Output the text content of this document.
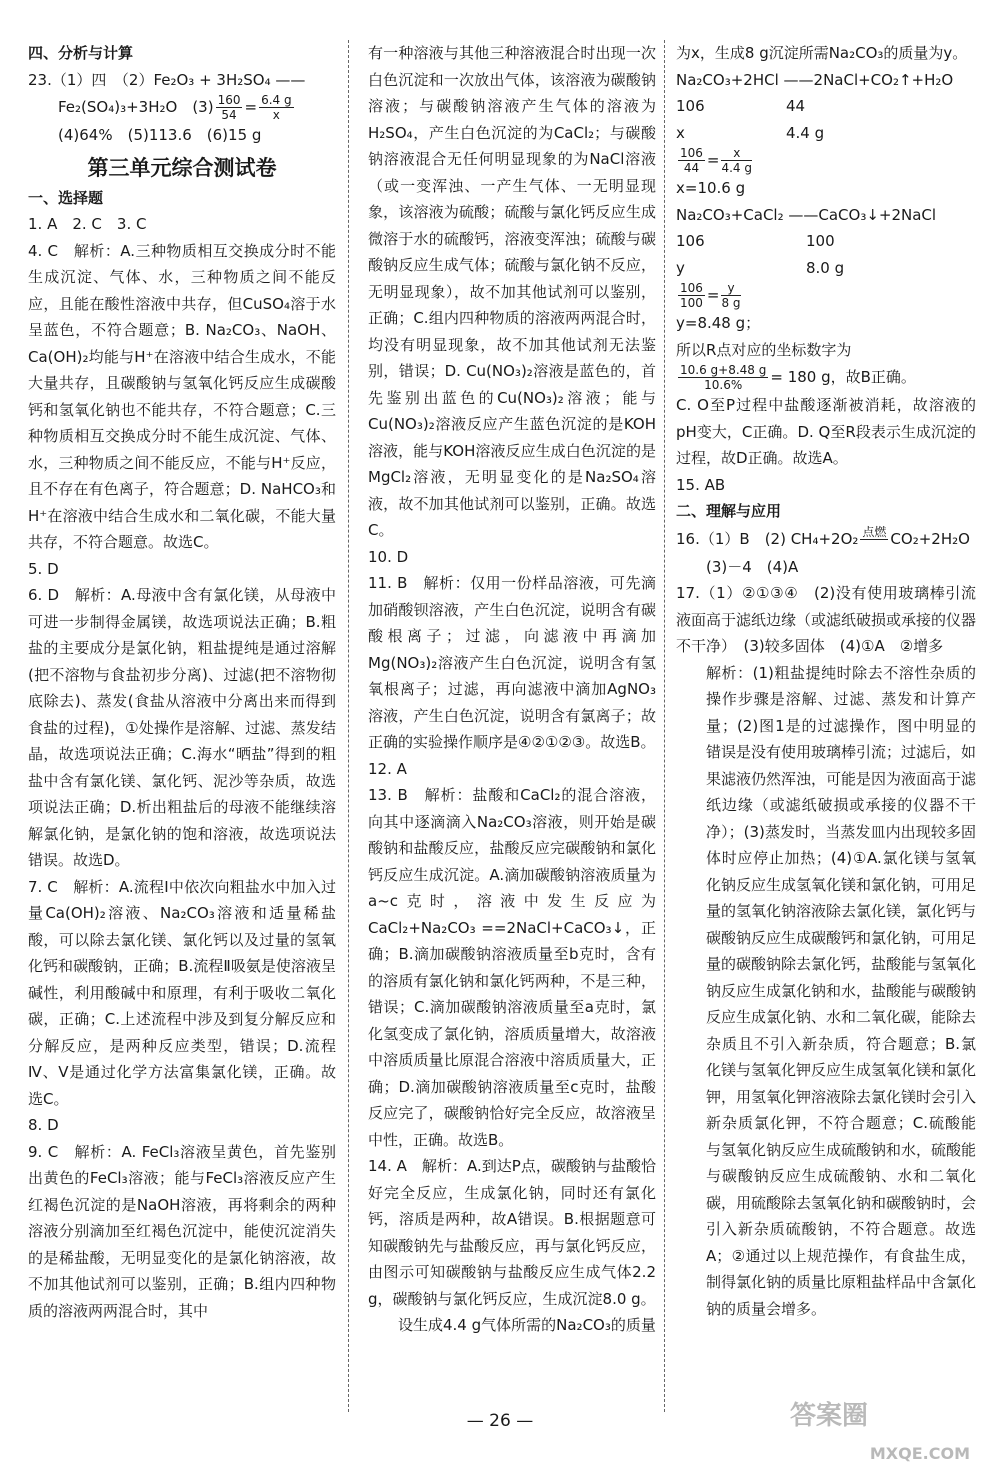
四、分析与计算

23.（1）四　（2）Fe₂O₃ + 3H₂SO₄ ——

Fe₂(SO₄)₃+3H₂O　$(3) \frac{160}{54} = \frac{6.4 g}{x}$

(4)64%　(5)113.6　(6)15 g

第三单元综合测试卷

一、选择题

1. A　2. C　3. C

4. C　解析：A.三种物质相互交换成分时不能生成沉淀、气体、水，三种物质之间不能反应，且能在酸性溶液中共存，但CuSO₄溶于水呈蓝色，不符合题意；B. Na₂CO₃、NaOH、Ca(OH)₂均能与H⁺在溶液中结合生成水，不能大量共存，且碳酸钠与氢氧化钙反应生成碳酸钙和氢氧化钠也不能共存，不符合题意；C.三种物质相互交换成分时不能生成沉淀、气体、水，三种物质之间不能反应，不能与H⁺反应，且不存在有色离子，符合题意；D. NaHCO₃和H⁺在溶液中结合生成水和二氧化碳，不能大量共存，不符合题意。故选C。

5. D

6. D　解析：A.母液中含有氯化镁，从母液中可进一步制得金属镁，故选项说法正确；B.粗盐的主要成分是氯化钠，粗盐提纯是通过溶解(把不溶物与食盐初步分离)、过滤(把不溶物彻底除去)、蒸发(食盐从溶液中分离出来而得到食盐的过程)，①处操作是溶解、过滤、蒸发结晶，故选项说法正确；C.海水“晒盐”得到的粗盐中含有氯化镁、氯化钙、泥沙等杂质，故选项说法正确；D.析出粗盐后的母液不能继续溶解氯化钠，是氯化钠的饱和溶液，故选项说法错误。故选D。

7. C　解析：A.流程Ⅰ中依次向粗盐水中加入过量Ca(OH)₂溶液、Na₂CO₃溶液和适量稀盐酸，可以除去氯化镁、氯化钙以及过量的氢氧化钙和碳酸钠，正确；B.流程Ⅱ吸氨是使溶液呈碱性，利用酸碱中和原理，有利于吸收二氧化碳，正确；C.上述流程中涉及到复分解反应和分解反应，是两种反应类型，错误；D.流程Ⅳ、Ⅴ是通过化学方法富集氯化镁，正确。故选C。

8. D

9. C　解析：A. FeCl₃溶液呈黄色，首先鉴别出黄色的FeCl₃溶液；能与FeCl₃溶液反应产生红褐色沉淀的是NaOH溶液，再将剩余的两种溶液分别滴加至红褐色沉淀中，能使沉淀消失的是稀盐酸，无明显变化的是氯化钠溶液，故不加其他试剂可以鉴别，正确；B.组内四种物质的溶液两两混合时，其中

有一种溶液与其他三种溶液混合时出现一次白色沉淀和一次放出气体，该溶液为碳酸钠溶液；与碳酸钠溶液产生气体的溶液为H₂SO₄，产生白色沉淀的为CaCl₂；与碳酸钠溶液混合无任何明显现象的为NaCl溶液（或一变浑浊、一产生气体、一无明显现象，该溶液为硫酸；硫酸与氯化钙反应生成微溶于水的硫酸钙，溶液变浑浊；硫酸与碳酸钠反应生成气体；硫酸与氯化钠不反应，无明显现象），故不加其他试剂可以鉴别，正确；C.组内四种物质的溶液两两混合时，均没有明显现象，故不加其他试剂无法鉴别，错误；D. Cu(NO₃)₂溶液是蓝色的，首先鉴别出蓝色的Cu(NO₃)₂溶液；能与Cu(NO₃)₂溶液反应产生蓝色沉淀的是KOH溶液，能与KOH溶液反应生成白色沉淀的是MgCl₂溶液，无明显变化的是Na₂SO₄溶液，故不加其他试剂可以鉴别，正确。故选C。

10. D

11. B　解析：仅用一份样品溶液，可先滴加硝酸钡溶液，产生白色沉淀，说明含有碳酸根离子；过滤，向滤液中再滴加Mg(NO₃)₂溶液产生白色沉淀，说明含有氢氧根离子；过滤，再向滤液中滴加AgNO₃溶液，产生白色沉淀，说明含有氯离子；故正确的实验操作顺序是④②①②③。故选B。

12. A

13. B　解析：盐酸和CaCl₂的混合溶液，向其中逐滴滴入Na₂CO₃溶液，则开始是碳酸钠和盐酸反应，盐酸反应完碳酸钠和氯化钙反应生成沉淀。A.滴加碳酸钠溶液质量为a~c克时，溶液中发生反应为CaCl₂+Na₂CO₃ ==2NaCl+CaCO₃↓，正确；B.滴加碳酸钠溶液质量至b克时，含有的溶质有氯化钠和氯化钙两种，不是三种，错误；C.滴加碳酸钠溶液质量至a克时，氯化氢变成了氯化钠，溶质质量增大，故溶液中溶质质量比原混合溶液中溶质质量大，正确；D.滴加碳酸钠溶液质量至c克时，盐酸反应完了，碳酸钠恰好完全反应，故溶液呈中性，正确。故选B。

14. A　解析：A.到达P点，碳酸钠与盐酸恰好完全反应，生成氯化钠，同时还有氯化钙，溶质是两种，故A错误。B.根据题意可知碳酸钠先与盐酸反应，再与氯化钙反应，由图示可知碳酸钠与盐酸反应生成气体2.2 g，碳酸钠与氯化钙反应，生成沉淀8.0 g。

设生成4.4 g气体所需的Na₂CO₃的质量

为x，生成8 g沉淀所需Na₂CO₃的质量为y。

Na₂CO₃+2HCl ——2NaCl+CO₂↑+H₂O

106	44
x	4.4 g

$\frac{106}{44} = \frac{x}{4.4 g}$

x=10.6 g

Na₂CO₃+CaCl₂ ——CaCO₃↓+2NaCl

106	100
y	8.0 g

$\frac{106}{100} = \frac{y}{8 g}$

y=8.48 g；

所以R点对应的坐标数字为

$\frac{10.6 g+8.48 g}{10.6\%} = 180$ g，故B正确。

C. O至P过程中盐酸逐渐被消耗，故溶液的pH变大，C正确。D. Q至R段表示生成沉淀的过程，故D正确。故选A。

15. AB

二、理解与应用

16.（1）B　(2) CH₄+2O₂ 点燃
CO₂+2H₂O

(3)－4　(4)A

17.（1）②①③④　(2)没有使用玻璃棒引流液面高于滤纸边缘（或滤纸破损或承接的仪器不干净）　(3)较多固体　(4)①A　②增多

解析：(1)粗盐提纯时除去不溶性杂质的操作步骤是溶解、过滤、蒸发和计算产量；(2)图1是的过滤操作，图中明显的错误是没有使用玻璃棒引流；过滤后，如果滤液仍然浑浊，可能是因为液面高于滤纸边缘（或滤纸破损或承接的仪器不干净）；(3)蒸发时，当蒸发皿内出现较多固体时应停止加热；(4)①A.氯化镁与氢氧化钠反应生成氢氧化镁和氯化钠，可用足量的氢氧化钠溶液除去氯化镁，氯化钙与碳酸钠反应生成碳酸钙和氯化钠，可用足量的碳酸钠除去氯化钙，盐酸能与氢氧化钠反应生成氯化钠和水，盐酸能与碳酸钠反应生成氯化钠、水和二氧化碳，能除去杂质且不引入新杂质，符合题意；B.氯化镁与氢氧化钾反应生成氢氧化镁和氯化钾，用氢氧化钾溶液除去氯化镁时会引入新杂质氯化钾，不符合题意；C.硫酸能与氢氧化钠反应生成硫酸钠和水，硫酸能与碳酸钠反应生成硫酸钠、水和二氧化碳，用硫酸除去氢氧化钠和碳酸钠时，会引入新杂质硫酸钠，不符合题意。故选A；②通过以上规范操作，有食盐生成，制得氯化钠的质量比原粗盐样品中含氯化钠的质量会增多。

— 26 —	答案圈
MXQE.COM
